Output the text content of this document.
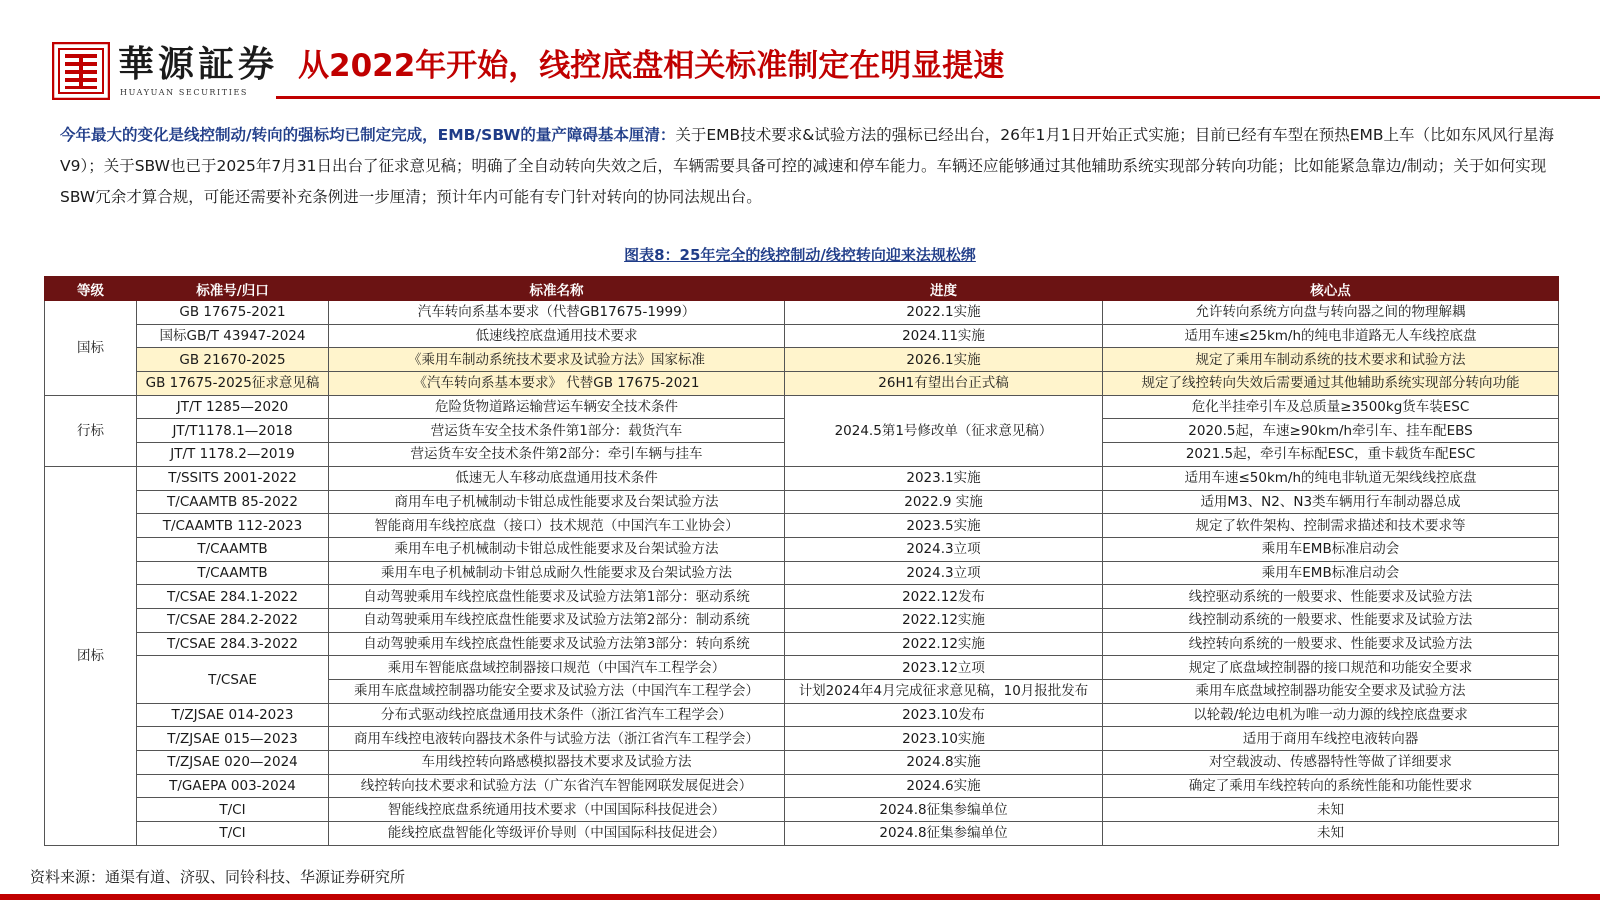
華源証券
HUAYUAN SECURITIES
从2022年开始，线控底盘相关标准制定在明显提速

今年最大的变化是线控制动/转向的强标均已制定完成，EMB/SBW的量产障碍基本厘清：关于EMB技术要求&试验方法的强标已经出台，26年1月1日开始正式实施；目前已经有车型在预热EMB上车（比如东风风行星海V9）；关于SBW也已于2025年7月31日出台了征求意见稿；明确了全自动转向失效之后，车辆需要具备可控的减速和停车能力。车辆还应能够通过其他辅助系统实现部分转向功能；比如能紧急靠边/制动；关于如何实现SBW冗余才算合规，可能还需要补充条例进一步厘清；预计年内可能有专门针对转向的协同法规出台。

图表8：25年完全的线控制动/线控转向迎来法规松绑
等级	标准号/归口	标准名称	进度	核心点
国标	GB 17675-2021	汽车转向系基本要求（代替GB17675-1999）	2022.1实施	允许转向系统方向盘与转向器之间的物理解耦
	国标GB/T 43947-2024	低速线控底盘通用技术要求	2024.11实施	适用车速≤25km/h的纯电非道路无人车线控底盘
	GB 21670-2025	《乘用车制动系统技术要求及试验方法》国家标准	2026.1实施	规定了乘用车制动系统的技术要求和试验方法
	GB 17675-2025征求意见稿	《汽车转向系基本要求》 代替GB 17675-2021	26H1有望出台正式稿	规定了线控转向失效后需要通过其他辅助系统实现部分转向功能
行标	JT/T 1285—2020	危险货物道路运输营运车辆安全技术条件	2024.5第1号修改单（征求意见稿）	危化半挂牵引车及总质量≥3500kg货车装ESC
	JT/T1178.1—2018	营运货车安全技术条件第1部分：载货汽车		2020.5起，车速≥90km/h牵引车、挂车配EBS
	JT/T 1178.2—2019	营运货车安全技术条件第2部分：牵引车辆与挂车		2021.5起，牵引车标配ESC，重卡载货车配ESC
团标	T/SSITS 2001-2022	低速无人车移动底盘通用技术条件	2023.1实施	适用车速≤50km/h的纯电非轨道无架线线控底盘
	T/CAAMTB 85-2022	商用车电子机械制动卡钳总成性能要求及台架试验方法	2022.9 实施	适用M3、N2、N3类车辆用行车制动器总成
	T/CAAMTB 112-2023	智能商用车线控底盘（接口）技术规范（中国汽车工业协会）	2023.5实施	规定了软件架构、控制需求描述和技术要求等
	T/CAAMTB	乘用车电子机械制动卡钳总成性能要求及台架试验方法	2024.3立项	乘用车EMB标准启动会
	T/CAAMTB	乘用车电子机械制动卡钳总成耐久性能要求及台架试验方法	2024.3立项	乘用车EMB标准启动会
	T/CSAE 284.1-2022	自动驾驶乘用车线控底盘性能要求及试验方法第1部分：驱动系统	2022.12发布	线控驱动系统的一般要求、性能要求及试验方法
	T/CSAE 284.2-2022	自动驾驶乘用车线控底盘性能要求及试验方法第2部分：制动系统	2022.12实施	线控制动系统的一般要求、性能要求及试验方法
	T/CSAE 284.3-2022	自动驾驶乘用车线控底盘性能要求及试验方法第3部分：转向系统	2022.12实施	线控转向系统的一般要求、性能要求及试验方法
	T/CSAE	乘用车智能底盘域控制器接口规范（中国汽车工程学会）	2023.12立项	规定了底盘域控制器的接口规范和功能安全要求
		乘用车底盘域控制器功能安全要求及试验方法（中国汽车工程学会）	计划2024年4月完成征求意见稿，10月报批发布	乘用车底盘域控制器功能安全要求及试验方法
	T/ZJSAE 014-2023	分布式驱动线控底盘通用技术条件（浙江省汽车工程学会）	2023.10发布	以轮毂/轮边电机为唯一动力源的线控底盘要求
	T/ZJSAE 015—2023	商用车线控电液转向器技术条件与试验方法（浙江省汽车工程学会）	2023.10实施	适用于商用车线控电液转向器
	T/ZJSAE 020—2024	车用线控转向路感模拟器技术要求及试验方法	2024.8实施	对空载波动、传感器特性等做了详细要求
	T/GAEPA 003-2024	线控转向技术要求和试验方法（广东省汽车智能网联发展促进会）	2024.6实施	确定了乘用车线控转向的系统性能和功能性要求
	T/CI	智能线控底盘系统通用技术要求（中国国际科技促进会）	2024.8征集参编单位	未知
	T/CI	能线控底盘智能化等级评价导则（中国国际科技促进会）	2024.8征集参编单位	未知
资料来源：通渠有道、济驭、同铃科技、华源证券研究所
